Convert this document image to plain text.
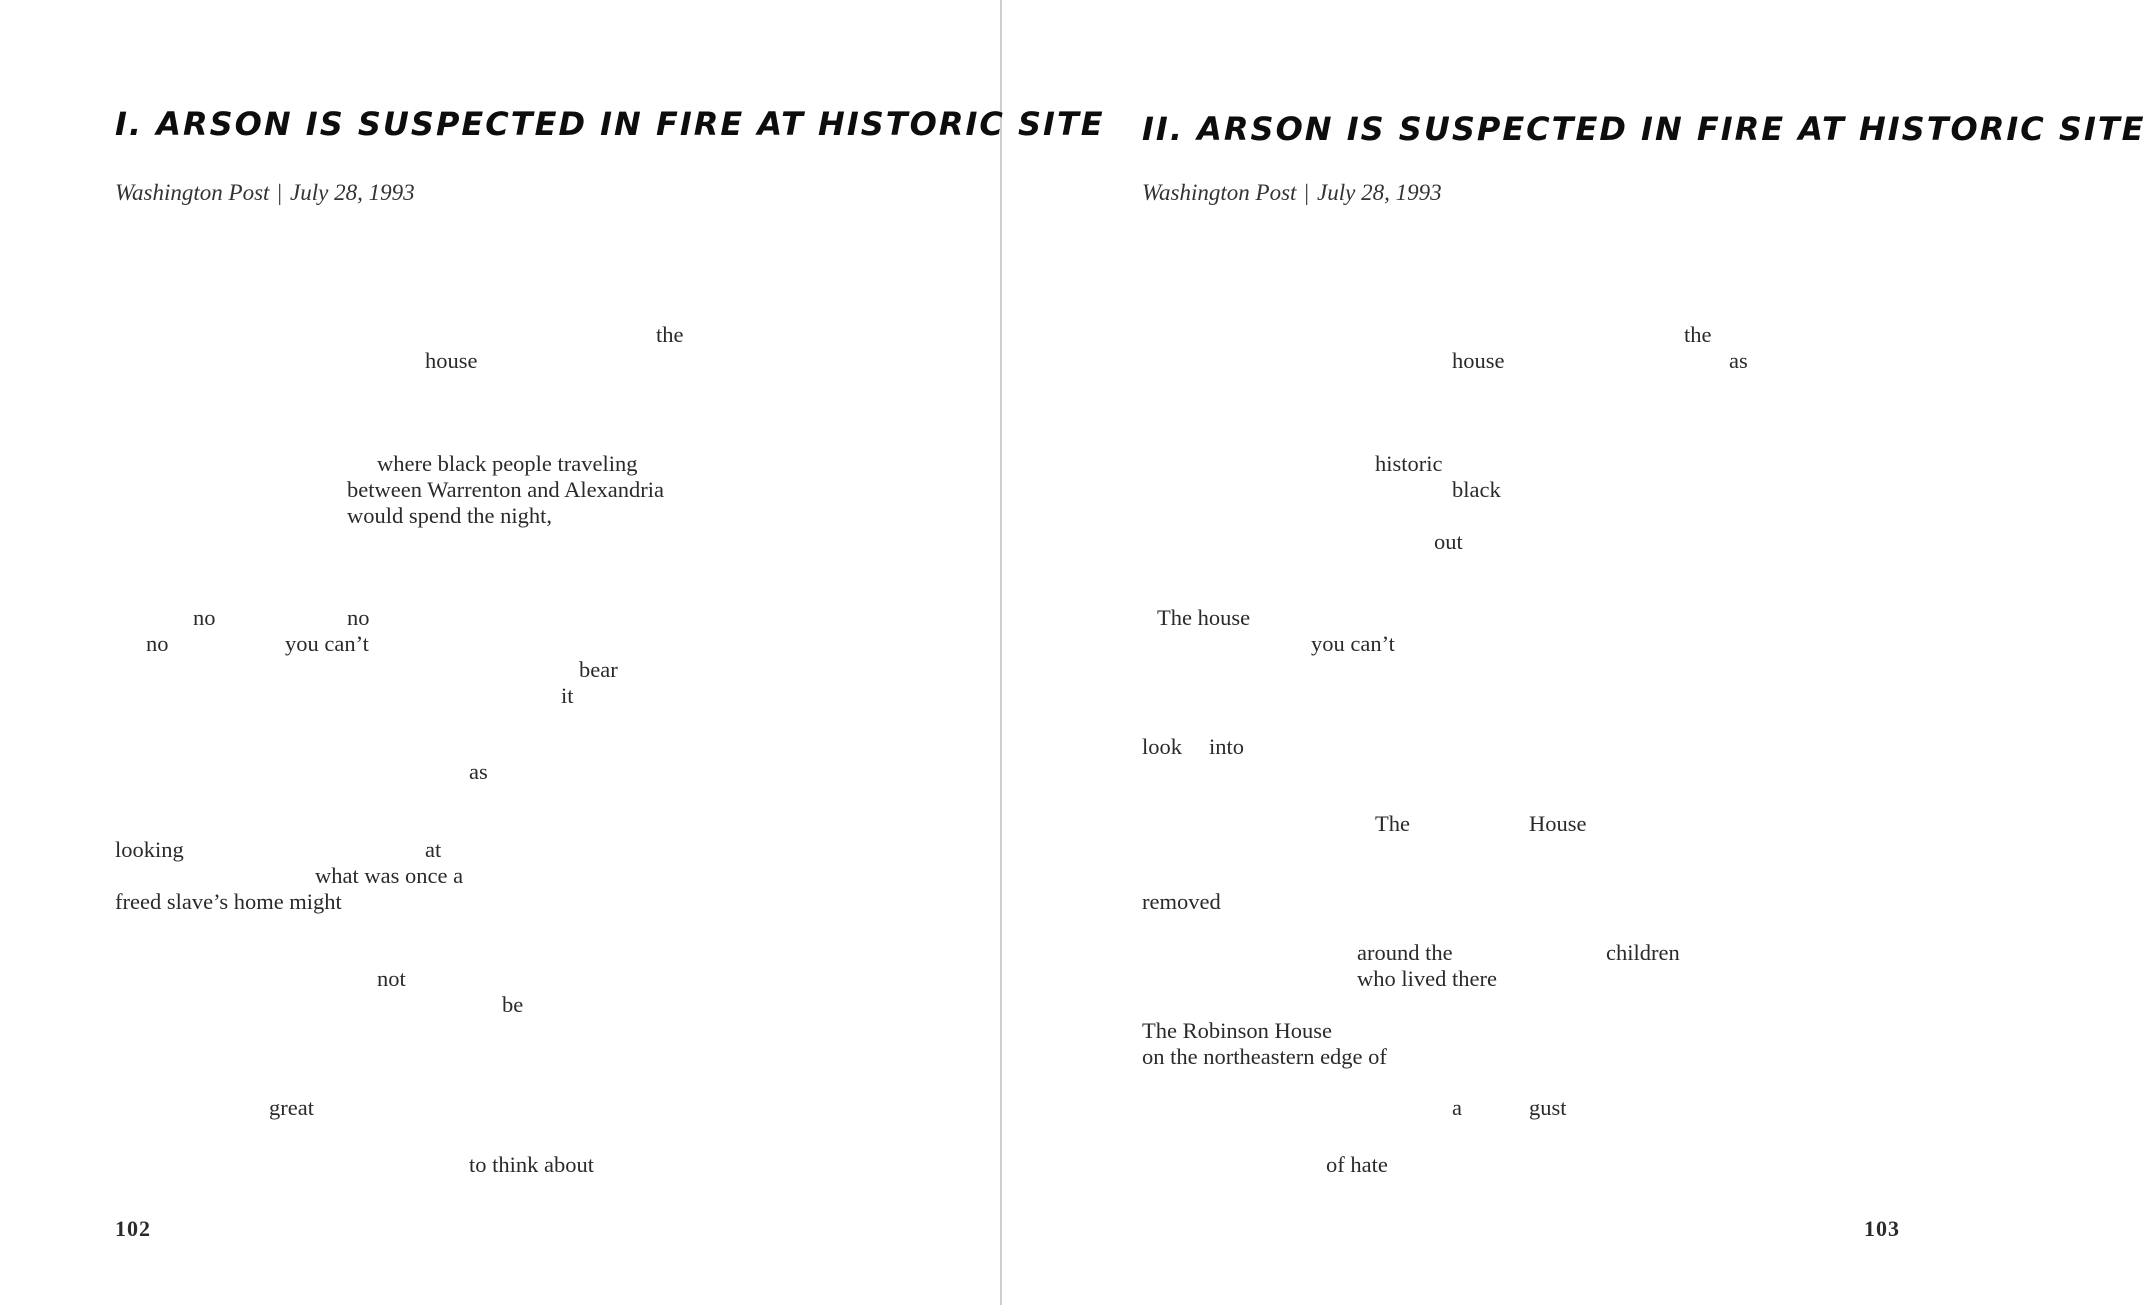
I. ARSON IS SUSPECTED IN FIRE AT HISTORIC SITE
Washington Post | July 28, 1993
the
house
where black people traveling
between Warrenton and Alexandria
would spend the night,
no	no
no	you can’t
bear
it
as
looking	at
what was once a
freed slave’s home might
not
be
great
to think about
102
II. ARSON IS SUSPECTED IN FIRE AT HISTORIC SITE
Washington Post | July 28, 1993
the
house	as
historic
black
out
The house
you can’t
look into
The	House
removed
around the	children
who lived there
The Robinson House
on the northeastern edge of
a	gust
of hate
103
